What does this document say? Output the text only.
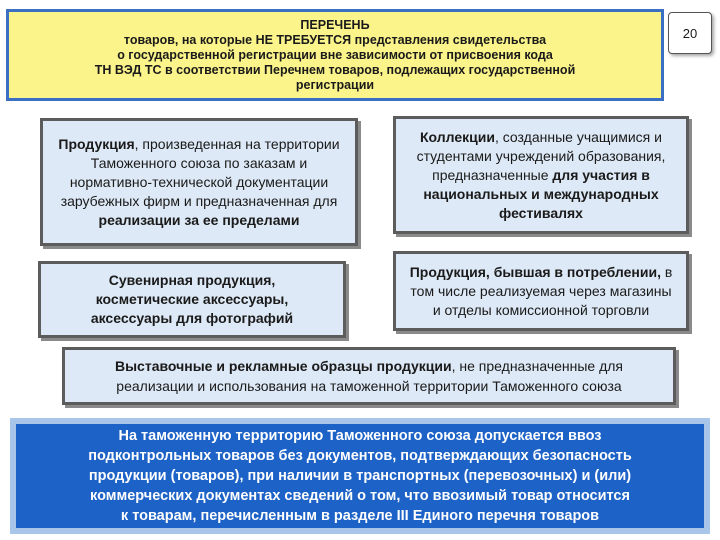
ПЕРЕЧЕНЬ
товаров, на которые НЕ ТРЕБУЕТСЯ представления свидетельства
о государственной регистрации вне зависимости от присвоения кода
ТН ВЭД ТС в соответствии Перечнем товаров, подлежащих государственной
регистрации
20
Продукция, произведенная на территории Таможенного союза по заказам и нормативно-технической документации зарубежных фирм и предназначенная для реализации за ее пределами
Сувенирная продукция,
косметические аксессуары,
аксессуары для фотографий
Коллекции, созданные учащимися и студентами учреждений образования, предназначенные для участия в национальных и международных фестивалях
Продукция, бывшая в потреблении, в том числе реализуемая через магазины и отделы комиссионной торговли
Выставочные и рекламные образцы продукции, не предназначенные для реализации и использования на таможенной территории Таможенного союза
На таможенную территорию Таможенного союза допускается ввоз
подконтрольных товаров без документов, подтверждающих безопасность
продукции (товаров), при наличии в транспортных (перевозочных) и (или)
коммерческих документах сведений о том, что ввозимый товар относится
к товарам, перечисленным в разделе III Единого перечня товаров
